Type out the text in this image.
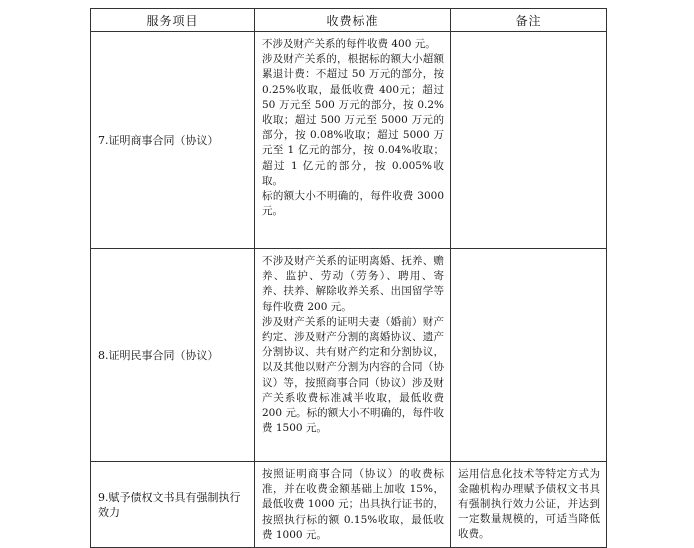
服务项目	收费标准	备注
7.证明商事合同（协议）	不涉及财产关系的每件收费 400 元。

涉及财产关系的，根据标的额大小超额累退计费：不超过 50 万元的部分，按 0.25%收取，最低收费 400元；超过 50 万元至 500 万元的部分，按 0.2%收取；超过 500 万元至 5000 万元的部分，按 0.08%收取；超过 5000 万元至 1 亿元的部分，按 0.04%收取；超过 1 亿元的部分，按 0.005%收取。

标的额大小不明确的，每件收费 3000元。	

8.证明民事合同（协议）	不涉及财产关系的证明离婚、抚养、赡养、监护、劳动（劳务）、聘用、寄养、扶养、解除收养关系、出国留学等每件收费 200 元。

涉及财产关系的证明夫妻（婚前）财产约定、涉及财产分割的离婚协议、遗产分割协议、共有财产约定和分割协议，以及其他以财产分割为内容的合同（协议）等，按照商事合同（协议）涉及财产关系收费标准减半收取，最低收费 200 元。标的额大小不明确的，每件收费 1500 元。	

9.赋予债权文书具有强制执行效力	按照证明商事合同（协议）的收费标准，并在收费金额基础上加收 15%，最低收费 1000 元；出具执行证书的，按照执行标的额 0.15%收取，最低收费 1000 元。	运用信息化技术等特定方式为金融机构办理赋予债权文书具有强制执行效力公证，并达到一定数量规模的，可适当降低收费。
